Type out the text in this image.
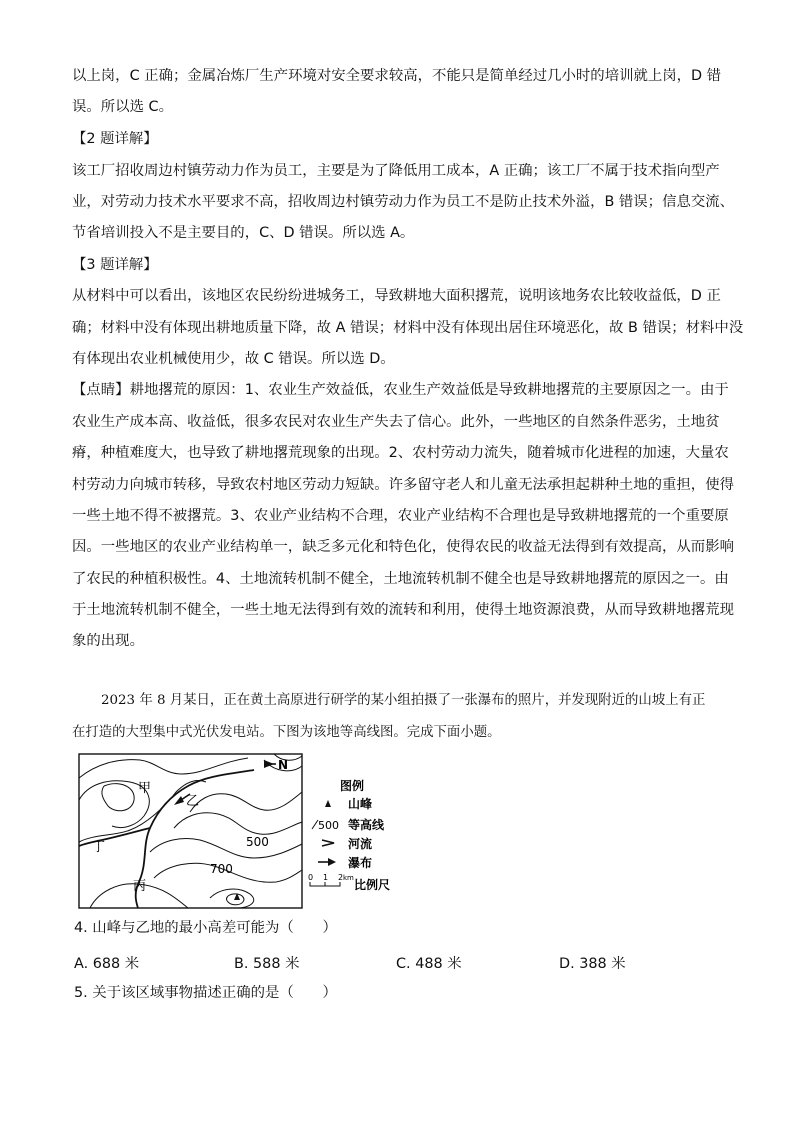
以上岗，C 正确；金属冶炼厂生产环境对安全要求较高，不能只是简单经过几小时的培训就上岗，D 错
误。所以选 C。
【2 题详解】
该工厂招收周边村镇劳动力作为员工，主要是为了降低用工成本，A 正确；该工厂不属于技术指向型产
业，对劳动力技术水平要求不高，招收周边村镇劳动力作为员工不是防止技术外溢，B 错误；信息交流、
节省培训投入不是主要目的，C、D 错误。所以选 A。
【3 题详解】
从材料中可以看出，该地区农民纷纷进城务工，导致耕地大面积撂荒，说明该地务农比较收益低，D 正
确；材料中没有体现出耕地质量下降，故 A 错误；材料中没有体现出居住环境恶化，故 B 错误；材料中没
有体现出农业机械使用少，故 C 错误。所以选 D。
【点睛】耕地撂荒的原因：1、农业生产效益低，农业生产效益低是导致耕地撂荒的主要原因之一。由于
农业生产成本高、收益低，很多农民对农业生产失去了信心。此外，一些地区的自然条件恶劣，土地贫
瘠，种植难度大，也导致了耕地撂荒现象的出现。2、农村劳动力流失，随着城市化进程的加速，大量农
村劳动力向城市转移，导致农村地区劳动力短缺。许多留守老人和儿童无法承担起耕种土地的重担，使得
一些土地不得不被撂荒。3、农业产业结构不合理，农业产业结构不合理也是导致耕地撂荒的一个重要原
因。一些地区的农业产业结构单一，缺乏多元化和特色化，使得农民的收益无法得到有效提高，从而影响
了农民的种植积极性。4、土地流转机制不健全，土地流转机制不健全也是导致耕地撂荒的原因之一。由
于土地流转机制不健全，一些土地无法得到有效的流转和利用，使得土地资源浪费，从而导致耕地撂荒现
象的出现。
2023 年 8 月某日，正在黄土高原进行研学的某小组拍摄了一张瀑布的照片，并发现附近的山坡上有正
在打造的大型集中式光伏发电站。下图为该地等高线图。完成下面小题。
N
甲
乙
丁
丙
500
700
图例
山峰
500 等高线
河流
瀑布
0 1 2 km 比例尺
4. 山峰与乙地的最小高差可能为（　　）
A. 688 米	B. 588 米	C. 488 米	D. 388 米
5. 关于该区域事物描述正确的是（　　）
